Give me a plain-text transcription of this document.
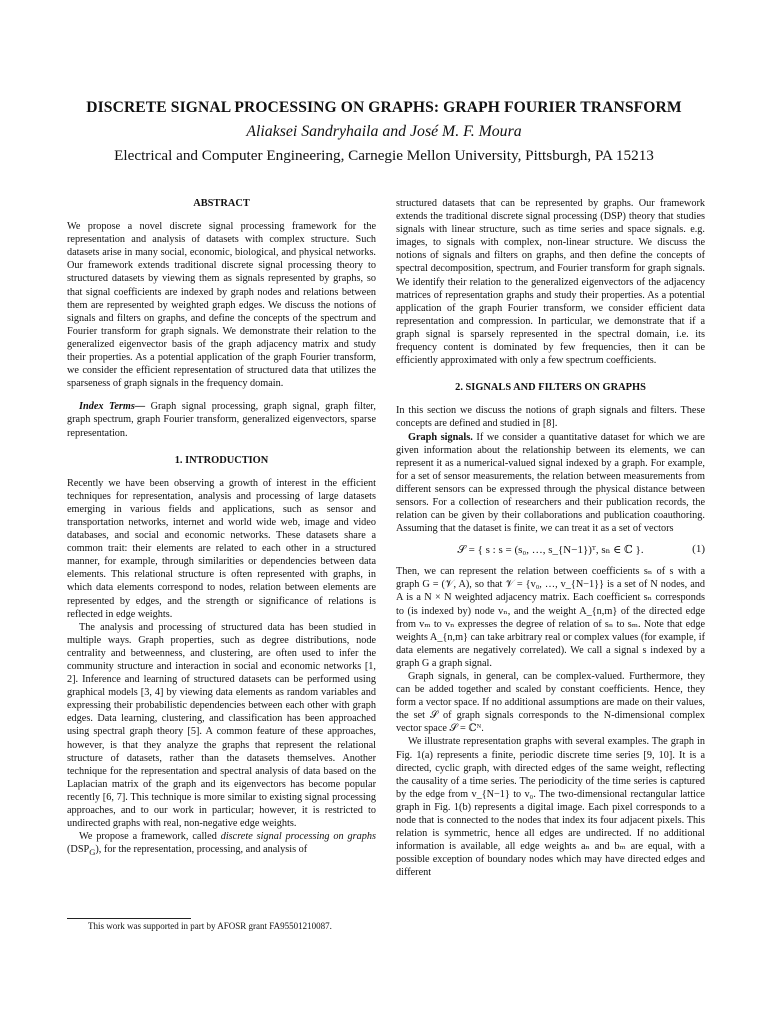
DISCRETE SIGNAL PROCESSING ON GRAPHS: GRAPH FOURIER TRANSFORM
Aliaksei Sandryhaila and José M. F. Moura
Electrical and Computer Engineering, Carnegie Mellon University, Pittsburgh, PA 15213
ABSTRACT

We propose a novel discrete signal processing framework for the representation and analysis of datasets with complex structure. Such datasets arise in many social, economic, biological, and physical networks. Our framework extends traditional discrete signal processing theory to structured datasets by viewing them as signals represented by graphs, so that signal coefficients are indexed by graph nodes and relations between them are represented by weighted graph edges. We discuss the notions of signals and filters on graphs, and define the concepts of the spectrum and Fourier transform for graph signals. We demonstrate their relation to the generalized eigenvector basis of the graph adjacency matrix and study their properties. As a potential application of the graph Fourier transform, we consider the efficient representation of structured data that utilizes the sparseness of graph signals in the frequency domain.

Index Terms— Graph signal processing, graph signal, graph filter, graph spectrum, graph Fourier transform, generalized eigenvectors, sparse representation.

1. INTRODUCTION

Recently we have been observing a growth of interest in the efficient techniques for representation, analysis and processing of large datasets emerging in various fields and applications, such as sensor and transportation networks, internet and world wide web, image and video databases, and social and economic networks. These datasets share a common trait: their elements are related to each other in a structured manner, for example, through similarities or dependencies between data elements. This relational structure is often represented with graphs, in which data elements correspond to nodes, relation between elements are represented by edges, and the strength or significance of relations is reflected in edge weights.

The analysis and processing of structured data has been studied in multiple ways. Graph properties, such as degree distributions, node centrality and betweenness, and clustering, are often used to infer the community structure and interaction in social and economic networks [1, 2]. Inference and learning of structured datasets can be performed using graphical models [3, 4] by viewing data elements as random variables and expressing their probabilistic dependencies between each other with graph edges. Data learning, clustering, and classification has been approached using spectral graph theory [5]. A common feature of these approaches, however, is that they analyze the graphs that represent the relational structure of datasets, rather than the datasets themselves. Another technique for the representation and spectral analysis of data based on the Laplacian matrix of the graph and its eigenvectors has become popular recently [6, 7]. This technique is more similar to existing signal processing approaches, and to our work in particular; however, it is restricted to undirected graphs with real, non-negative edge weights.

We propose a framework, called discrete signal processing on graphs $(DSP_G)$, for the representation, processing, and analysis of

structured datasets that can be represented by graphs. Our framework extends the traditional discrete signal processing (DSP) theory that studies signals with linear structure, such as time series and space signals. e.g. images, to signals with complex, non-linear structure. We discuss the notions of signals and filters on graphs, and then define the concepts of spectral decomposition, spectrum, and Fourier transform for graph signals. We identify their relation to the generalized eigenvectors of the adjacency matrices of representation graphs and study their properties. As a potential application of the graph Fourier transform, we consider efficient data representation and compression. In particular, we demonstrate that if a graph signal is sparsely represented in the spectral domain, i.e. its frequency content is dominated by few frequencies, then it can be efficiently approximated with only a few spectrum coefficients.

2. SIGNALS AND FILTERS ON GRAPHS

In this section we discuss the notions of graph signals and filters. These concepts are defined and studied in [8].

Graph signals. If we consider a quantitative dataset for which we are given information about the relationship between its elements, we can represent it as a numerical-valued signal indexed by a graph. For example, for a set of sensor measurements, the relation between measurements from different sensors can be expressed through the physical distance between sensors. For a collection of researchers and their publication records, the relation can be given by their collaborations and publication coauthoring. Assuming that the dataset is finite, we can treat it as a set of vectors

𝒮 = { s : s = (s₀, …, s_{N−1})ᵀ, sₙ ∈ ℂ }.	(1)

Then, we can represent the relation between coefficients sₙ of s with a graph G = (𝒱, A), so that 𝒱 = {v₀, …, v_{N−1}} is a set of N nodes, and A is a N × N weighted adjacency matrix. Each coefficient sₙ corresponds to (is indexed by) node vₙ, and the weight A_{n,m} of the directed edge from vₘ to vₙ expresses the degree of relation of sₙ to sₘ. Note that edge weights A_{n,m} can take arbitrary real or complex values (for example, if data elements are negatively correlated). We call a signal s indexed by a graph G a graph signal.

Graph signals, in general, can be complex-valued. Furthermore, they can be added together and scaled by constant coefficients. Hence, they form a vector space. If no additional assumptions are made on their values, the set 𝒮 of graph signals corresponds to the N-dimensional complex vector space 𝒮 = ℂᴺ.

We illustrate representation graphs with several examples. The graph in Fig. 1(a) represents a finite, periodic discrete time series [9, 10]. It is a directed, cyclic graph, with directed edges of the same weight, reflecting the causality of a time series. The periodicity of the time series is captured by the edge from v_{N−1} to v₀. The two-dimensional rectangular lattice graph in Fig. 1(b) represents a digital image. Each pixel corresponds to a node that is connected to the nodes that index its four adjacent pixels. This relation is symmetric, hence all edges are undirected. If no additional information is available, all edge weights aₙ and bₘ are equal, with a possible exception of boundary nodes which may have directed edges and different

This work was supported in part by AFOSR grant FA95501210087.
